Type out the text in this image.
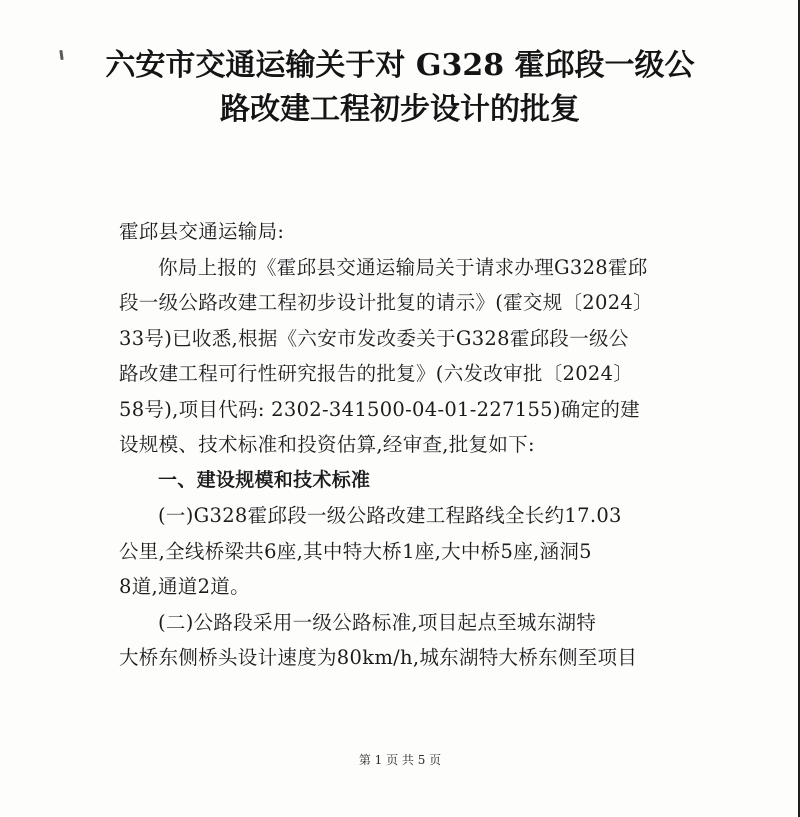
六安市交通运输关于对 G328 霍邱段一级公
路改建工程初步设计的批复
霍邱县交通运输局:
你局上报的《霍邱县交通运输局关于请求办理G328霍邱
段一级公路改建工程初步设计批复的请示》(霍交规〔2024〕
33号)已收悉,根据《六安市发改委关于G328霍邱段一级公
路改建工程可行性研究报告的批复》(六发改审批〔2024〕
58号),项目代码: 2302-341500-04-01-227155)确定的建
设规模、技术标准和投资估算,经审查,批复如下:
一、建设规模和技术标准
(一)G328霍邱段一级公路改建工程路线全长约17.03
公里,全线桥梁共6座,其中特大桥1座,大中桥5座,涵洞5
8道,通道2道。
(二)公路段采用一级公路标准,项目起点至城东湖特
大桥东侧桥头设计速度为80km/h,城东湖特大桥东侧至项目
第 1 页 共 5 页
